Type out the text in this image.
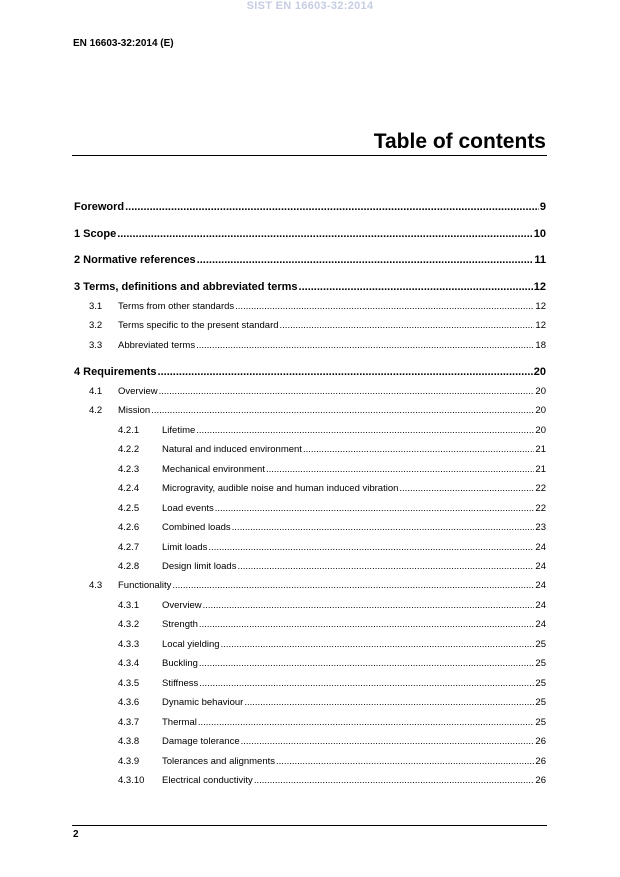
SIST EN 16603-32:2014
EN 16603-32:2014 (E)
Table of contents
Foreword .....	9
1 Scope .....	10
2 Normative references .....	11
3 Terms, definitions and abbreviated terms .....	12
3.1	Terms from other standards .....	12
3.2	Terms specific to the present standard .....	12
3.3	Abbreviated terms .....	18
4 Requirements .....	20
4.1	Overview .....	20
4.2	Mission .....	20
4.2.1	Lifetime .....	20
4.2.2	Natural and induced environment .....	21
4.2.3	Mechanical environment .....	21
4.2.4	Microgravity, audible noise and human induced vibration .....	22
4.2.5	Load events .....	22
4.2.6	Combined loads .....	23
4.2.7	Limit loads .....	24
4.2.8	Design limit loads .....	24
4.3	Functionality .....	24
4.3.1	Overview .....	24
4.3.2	Strength .....	24
4.3.3	Local yielding .....	25
4.3.4	Buckling .....	25
4.3.5	Stiffness .....	25
4.3.6	Dynamic behaviour .....	25
4.3.7	Thermal .....	25
4.3.8	Damage tolerance .....	26
4.3.9	Tolerances and alignments .....	26
4.3.10	Electrical conductivity .....	26
2
